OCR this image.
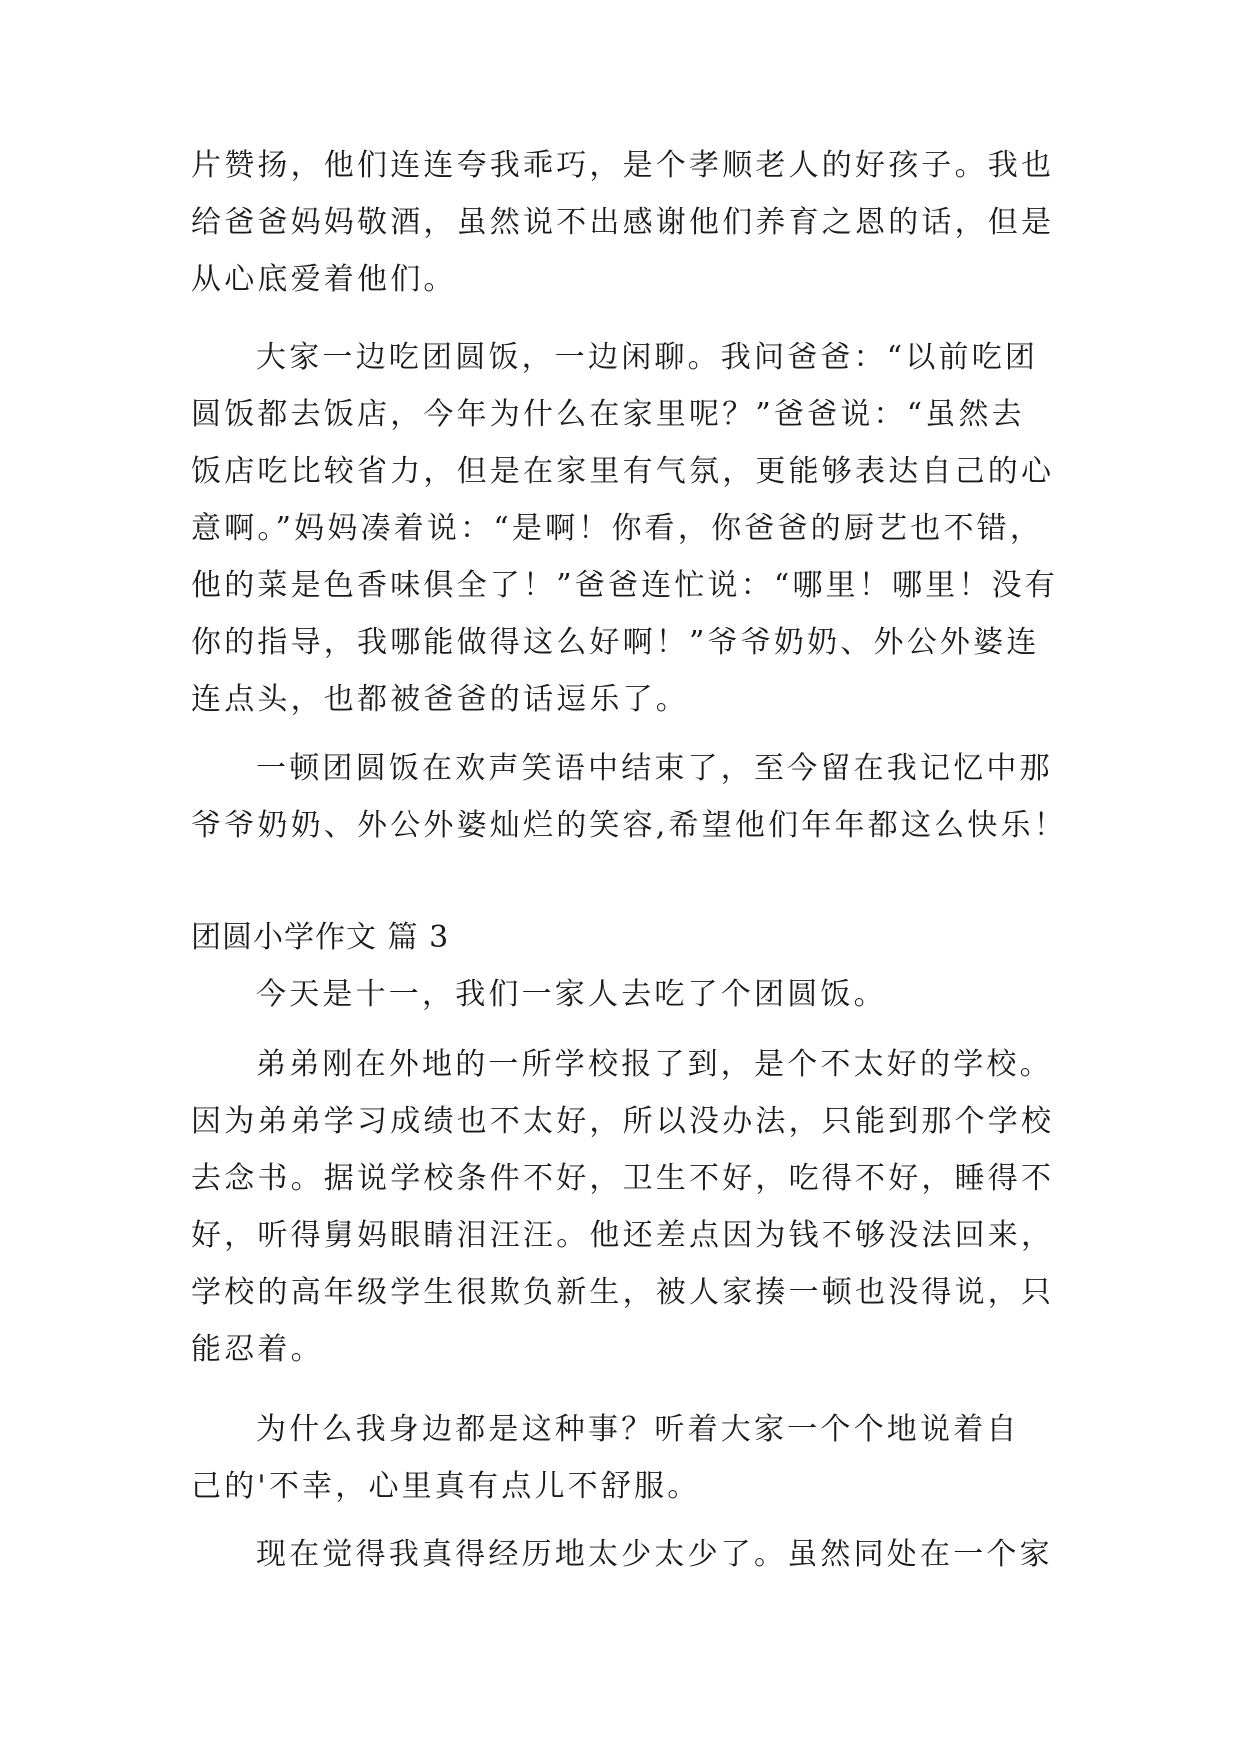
片赞扬，他们连连夸我乖巧，是个孝顺老人的好孩子。我也
给爸爸妈妈敬酒，虽然说不出感谢他们养育之恩的话，但是
从心底爱着他们。
大家一边吃团圆饭，一边闲聊。我问爸爸：“以前吃团
圆饭都去饭店，今年为什么在家里呢？”爸爸说：“虽然去
饭店吃比较省力，但是在家里有气氛，更能够表达自己的心
意啊。”妈妈凑着说：“是啊！你看，你爸爸的厨艺也不错，
他的菜是色香味俱全了！”爸爸连忙说：“哪里！哪里！没有
你的指导，我哪能做得这么好啊！”爷爷奶奶、外公外婆连
连点头，也都被爸爸的话逗乐了。
一顿团圆饭在欢声笑语中结束了，至今留在我记忆中那
爷爷奶奶、外公外婆灿烂的笑容,希望他们年年都这么快乐！
团圆小学作文 篇 3
今天是十一，我们一家人去吃了个团圆饭。
弟弟刚在外地的一所学校报了到，是个不太好的学校。
因为弟弟学习成绩也不太好，所以没办法，只能到那个学校
去念书。据说学校条件不好，卫生不好，吃得不好，睡得不
好，听得舅妈眼睛泪汪汪。他还差点因为钱不够没法回来，
学校的高年级学生很欺负新生，被人家揍一顿也没得说，只
能忍着。
为什么我身边都是这种事？听着大家一个个地说着自
己的'不幸，心里真有点儿不舒服。
现在觉得我真得经历地太少太少了。虽然同处在一个家
